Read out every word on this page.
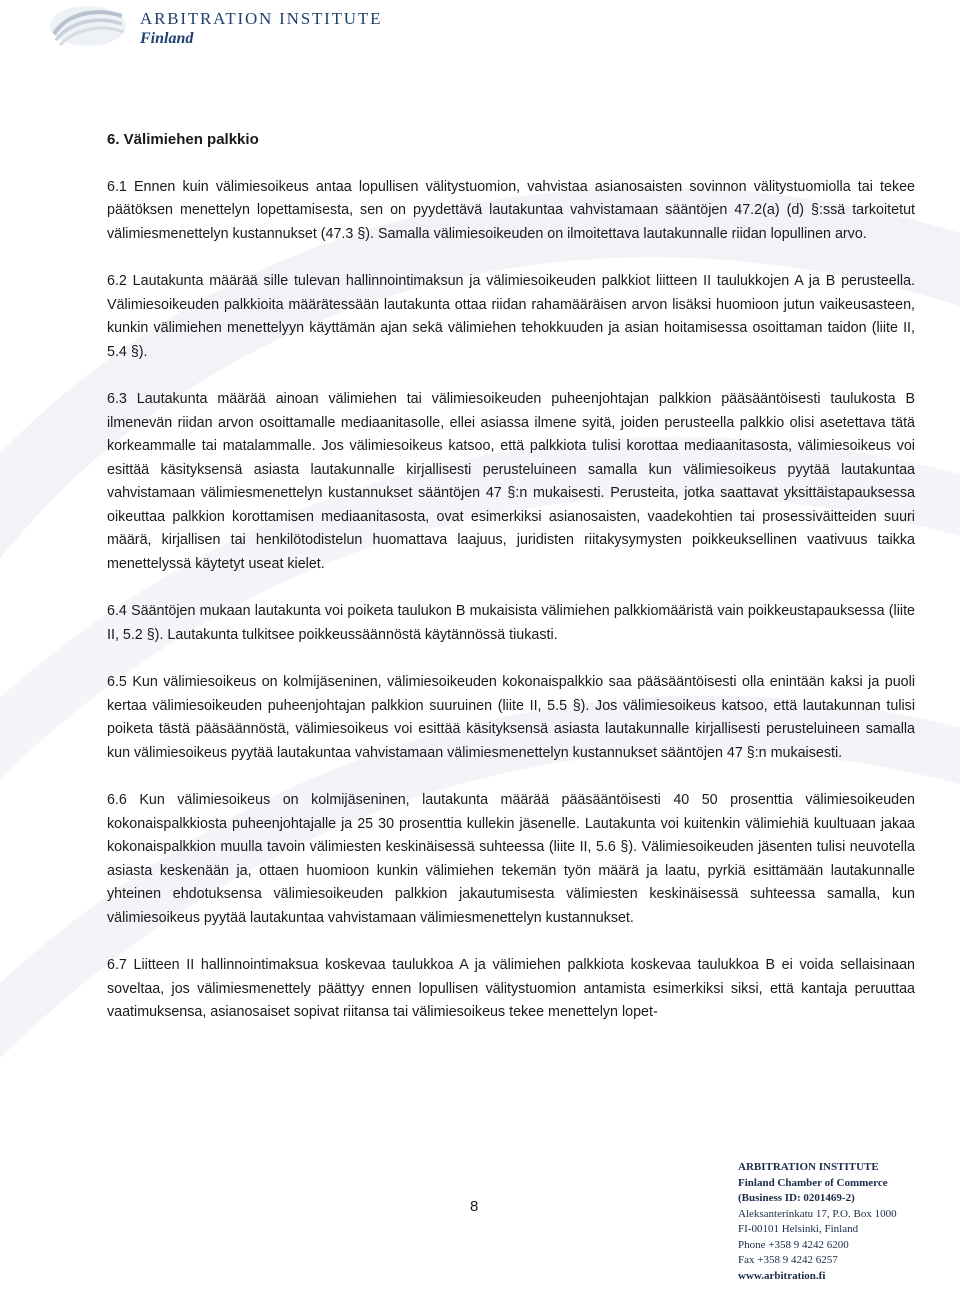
ARBITRATION INSTITUTE
Finland

6. Välimiehen palkkio

6.1 Ennen kuin välimiesoikeus antaa lopullisen välitystuomion, vahvistaa asianosaisten sovinnon välitystuomiolla tai tekee päätöksen menettelyn lopettamisesta, sen on pyydettävä lautakuntaa vahvistamaan sääntöjen 47.2(a) (d) §:ssä tarkoitetut välimiesmenettelyn kustannukset (47.3 §). Samalla välimiesoikeuden on ilmoitettava lautakunnalle riidan lopullinen arvo.

6.2 Lautakunta määrää sille tulevan hallinnointimaksun ja välimiesoikeuden palkkiot liitteen II taulukkojen A ja B perusteella. Välimiesoikeuden palkkioita määrätessään lautakunta ottaa riidan rahamääräisen arvon lisäksi huomioon jutun vaikeusasteen, kunkin välimiehen menettelyyn käyttämän ajan sekä välimiehen tehokkuuden ja asian hoitamisessa osoittaman taidon (liite II, 5.4 §).

6.3 Lautakunta määrää ainoan välimiehen tai välimiesoikeuden puheenjohtajan palkkion pääsääntöisesti taulukosta B ilmenevän riidan arvon osoittamalle mediaanitasolle, ellei asiassa ilmene syitä, joiden perusteella palkkio olisi asetettava tätä korkeammalle tai matalammalle. Jos välimiesoikeus katsoo, että palkkiota tulisi korottaa mediaanitasosta, välimiesoikeus voi esittää käsityksensä asiasta lautakunnalle kirjallisesti perusteluineen samalla kun välimiesoikeus pyytää lautakuntaa vahvistamaan välimiesmenettelyn kustannukset sääntöjen 47 §:n mukaisesti. Perusteita, jotka saattavat yksittäistapauksessa oikeuttaa palkkion korottamisen mediaanitasosta, ovat esimerkiksi asianosaisten, vaadekohtien tai prosessiväitteiden suuri määrä, kirjallisen tai henkilötodistelun huomattava laajuus, juridisten riitakysymysten poikkeuksellinen vaativuus taikka menettelyssä käytetyt useat kielet.

6.4 Sääntöjen mukaan lautakunta voi poiketa taulukon B mukaisista välimiehen palkkiomääristä vain poikkeustapauksessa (liite II, 5.2 §). Lautakunta tulkitsee poikkeussäännöstä käytännössä tiukasti.

6.5 Kun välimiesoikeus on kolmijäseninen, välimiesoikeuden kokonaispalkkio saa pääsääntöisesti olla enintään kaksi ja puoli kertaa välimiesoikeuden puheenjohtajan palkkion suuruinen (liite II, 5.5 §). Jos välimiesoikeus katsoo, että lautakunnan tulisi poiketa tästä pääsäännöstä, välimiesoikeus voi esittää käsityksensä asiasta lautakunnalle kirjallisesti perusteluineen samalla kun välimiesoikeus pyytää lautakuntaa vahvistamaan välimiesmenettelyn kustannukset sääntöjen 47 §:n mukaisesti.

6.6 Kun välimiesoikeus on kolmijäseninen, lautakunta määrää pääsääntöisesti 40 50 prosenttia välimiesoikeuden kokonaispalkkiosta puheenjohtajalle ja 25 30 prosenttia kullekin jäsenelle. Lautakunta voi kuitenkin välimiehiä kuultuaan jakaa kokonaispalkkion muulla tavoin välimiesten keskinäisessä suhteessa (liite II, 5.6 §). Välimiesoikeuden jäsenten tulisi neuvotella asiasta keskenään ja, ottaen huomioon kunkin välimiehen tekemän työn määrä ja laatu, pyrkiä esittämään lautakunnalle yhteinen ehdotuksensa välimiesoikeuden palkkion jakautumisesta välimiesten keskinäisessä suhteessa samalla, kun välimiesoikeus pyytää lautakuntaa vahvistamaan välimiesmenettelyn kustannukset.

6.7 Liitteen II hallinnointimaksua koskevaa taulukkoa A ja välimiehen palkkiota koskevaa taulukkoa B ei voida sellaisinaan soveltaa, jos välimiesmenettely päättyy ennen lopullisen välitystuomion antamista esimerkiksi siksi, että kantaja peruuttaa vaatimuksensa, asianosaiset sopivat riitansa tai välimiesoikeus tekee menettelyn lopet-

8
ARBITRATION INSTITUTE
Finland Chamber of Commerce
(Business ID: 0201469-2)
Aleksanterinkatu 17, P.O. Box 1000
FI-00101 Helsinki, Finland
Phone +358 9 4242 6200
Fax +358 9 4242 6257
www.arbitration.fi
